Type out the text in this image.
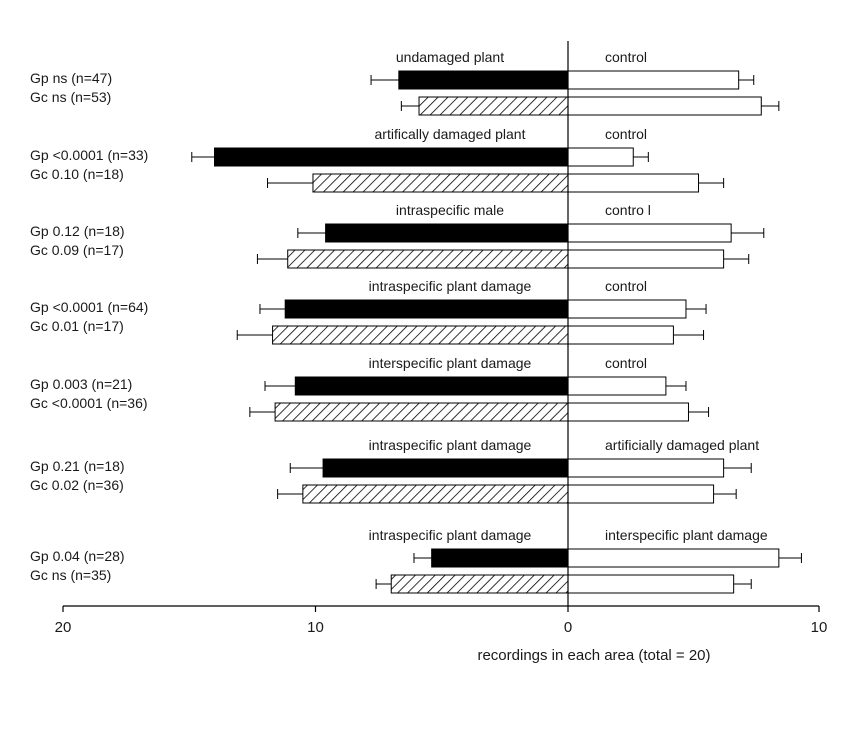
undamaged plant	control
Gp ns (n=47)
Gc ns (n=53)
artifically damaged plant	control
Gp <0.0001 (n=33)
Gc 0.10 (n=18)
intraspecific male	contro l
Gp 0.12 (n=18)
Gc 0.09 (n=17)
intraspecific plant damage	control
Gp <0.0001 (n=64)
Gc 0.01 (n=17)
interspecific plant damage	control
Gp 0.003 (n=21)
Gc <0.0001 (n=36)
intraspecific plant damage	artificially damaged plant
Gp 0.21 (n=18)
Gc 0.02 (n=36)
intraspecific plant damage	interspecific plant damage
Gp 0.04 (n=28)
Gc ns (n=35)
20	10	0	10
recordings in each area (total = 20)
